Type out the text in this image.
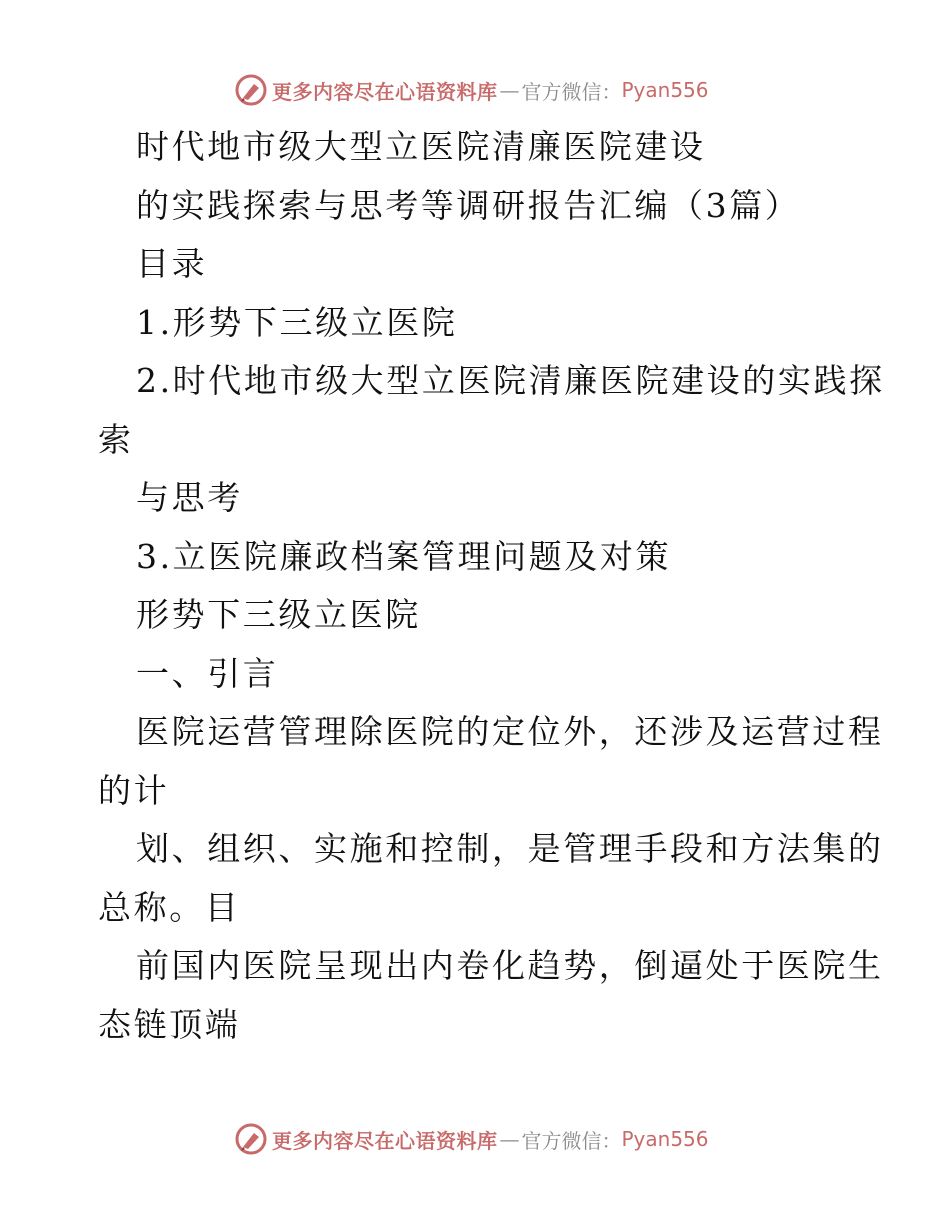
更多内容尽在心语资料库 — 官方微信： Pyan556
时代地市级大型立医院清廉医院建设
的实践探索与思考等调研报告汇编（3篇）
目录
1.形势下三级立医院
2.时代地市级大型立医院清廉医院建设的实践探
索
与思考
3.立医院廉政档案管理问题及对策
形势下三级立医院
一、引言
医院运营管理除医院的定位外，还涉及运营过程
的计
划、组织、实施和控制，是管理手段和方法集的
总称。目
前国内医院呈现出内卷化趋势，倒逼处于医院生
态链顶端
更多内容尽在心语资料库 — 官方微信： Pyan556
